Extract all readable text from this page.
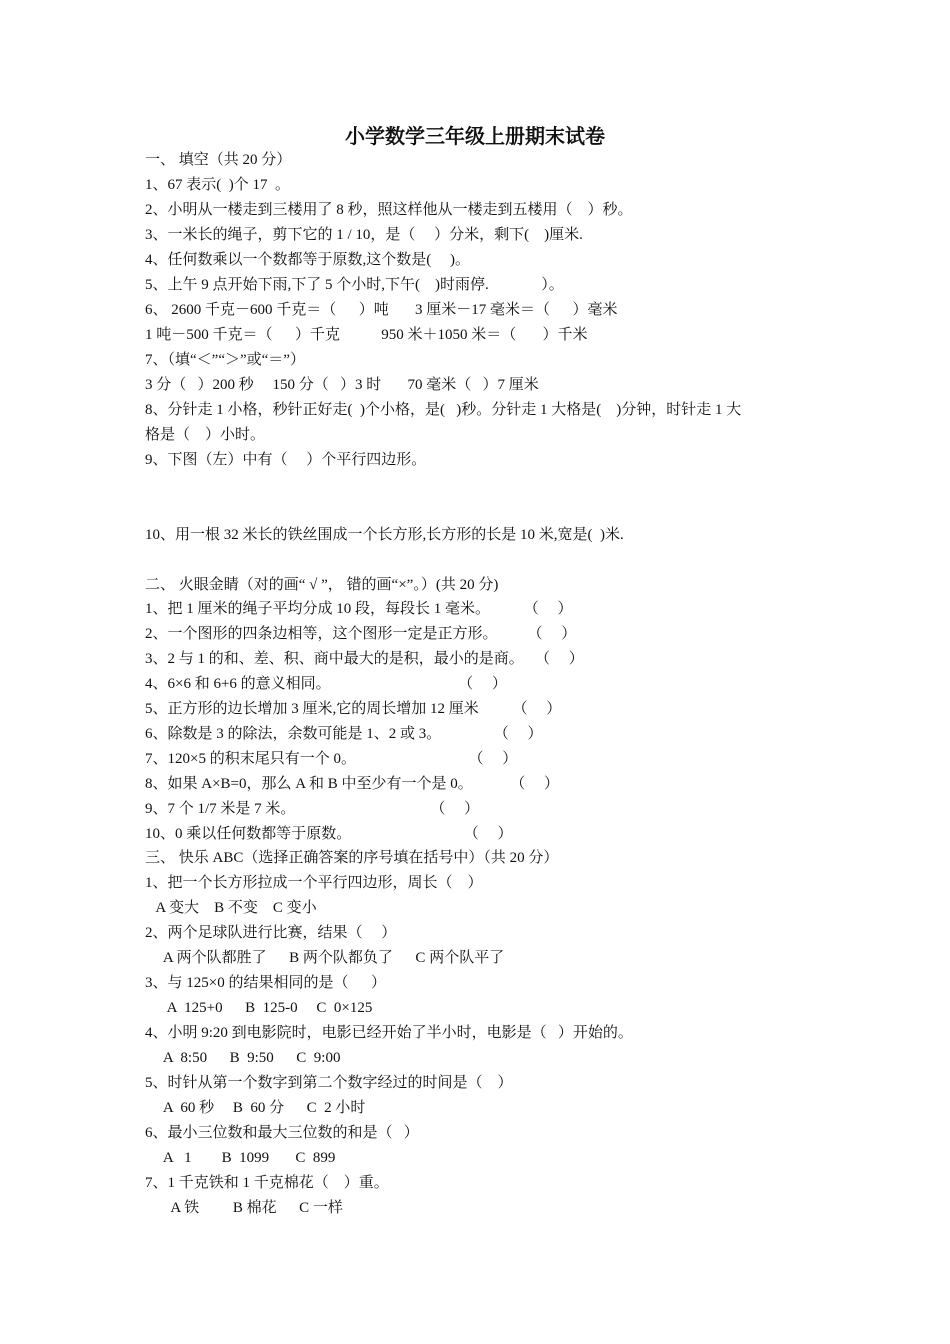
小学数学三年级上册期末试卷

一、 填空（共 20 分）

1、67 表示(  )个 17  。

2、小明从一楼走到三楼用了 8 秒，照这样他从一楼走到五楼用（    ）秒。

3、一米长的绳子，剪下它的 1 / 10，是（     ）分米，剩下(    )厘米.

4、任何数乘以一个数都等于原数,这个数是(     )。

5、上午 9 点开始下雨,下了 5 个小时,下午(    )时雨停.              ）。

6、 2600 千克－600 千克＝（      ）吨       3 厘米－17 毫米＝（      ）毫米

1 吨－500 千克＝（      ）千克           950 米＋1050 米＝（       ）千米

7、（填“＜”“＞”或“＝”）

3 分（   ）200 秒     150 分（   ）3 时       70 毫米（   ）7 厘米

8、分针走 1 小格，秒针正好走(  )个小格，是(   )秒。分针走 1 大格是(    )分钟，时针走 1 大

格是（    ）小时。

9、下图（左）中有（     ）个平行四边形。

10、用一根 32 米长的铁丝围成一个长方形,长方形的长是 10 米,宽是(  )米.

二、 火眼金睛（对的画“ √ ”， 错的画“×”。）(共 20 分)

1、把 1 厘米的绳子平均分成 10 段，每段长 1 毫米。         （     ）

2、一个图形的四条边相等，这个图形一定是正方形。        （     ）

3、2 与 1 的和、差、积、商中最大的是积，最小的是商。   （     ）

4、6×6 和 6+6 的意义相同。                                  （     ）

5、正方形的边长增加 3 厘米,它的周长增加 12 厘米         （     ）

6、除数是 3 的除法，余数可能是 1、2 或 3。              （     ）

7、120×5 的积末尾只有一个 0。                              （     ）

8、如果 A×B=0，那么 A 和 B 中至少有一个是 0。          （     ）

9、7 个 1/7 米是 7 米。                                    （     ）

10、0 乘以任何数都等于原数。                              （     ）

三、 快乐 ABC（选择正确答案的序号填在括号中）（共 20 分）

1、把一个长方形拉成一个平行四边形，周长（    ）

A 变大    B 不变    C 变小

2、两个足球队进行比赛，结果（     ）

A 两个队都胜了      B 两个队都负了      C 两个队平了

3、与 125×0 的结果相同的是（      ）

A  125+0      B  125-0     C  0×125

4、小明 9:20 到电影院时，电影已经开始了半小时，电影是（   ）开始的。

A  8:50      B  9:50      C  9:00

5、时针从第一个数字到第二个数字经过的时间是（    ）

A  60 秒     B  60 分      C  2 小时

6、最小三位数和最大三位数的和是（   ）

A   1        B  1099       C  899

7、1 千克铁和 1 千克棉花（    ）重。

A 铁         B 棉花      C 一样
